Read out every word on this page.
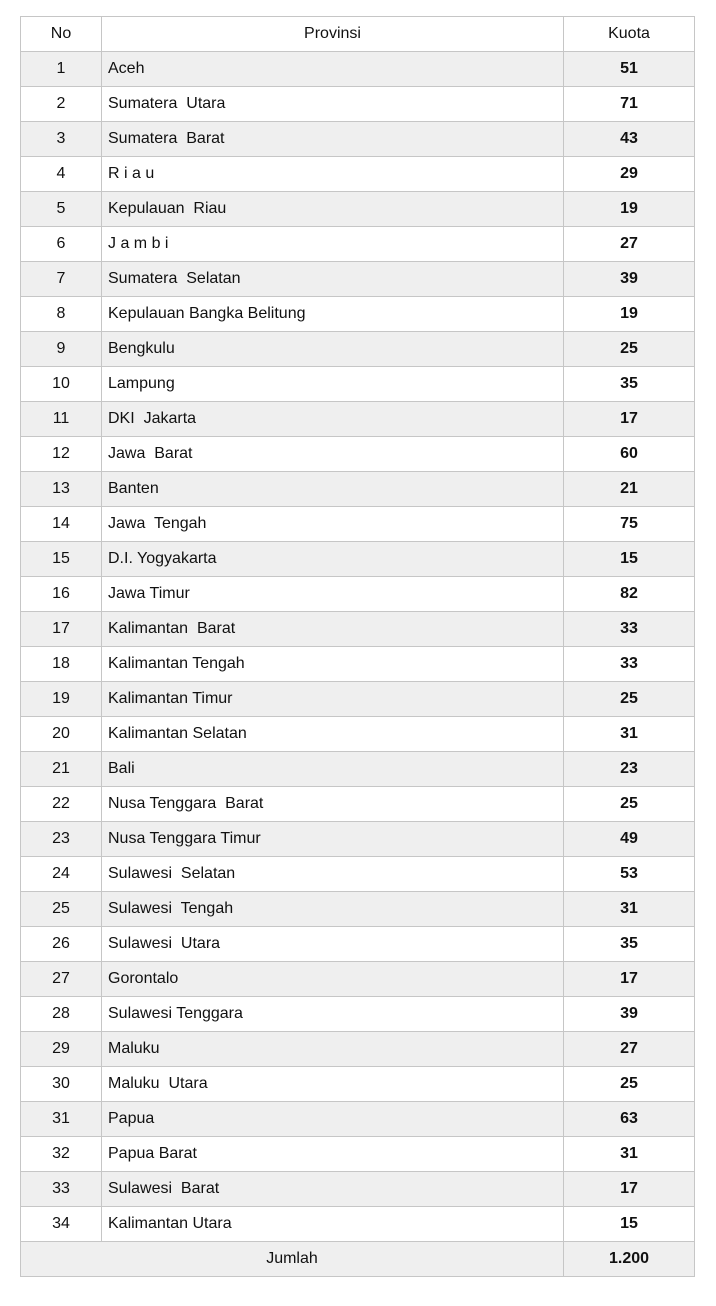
No	Provinsi	Kuota
1	Aceh	51
2	Sumatera  Utara	71
3	Sumatera  Barat	43
4	R i a u	29
5	Kepulauan  Riau	19
6	J a m b i	27
7	Sumatera  Selatan	39
8	Kepulauan Bangka Belitung	19
9	Bengkulu	25
10	Lampung	35
11	DKI  Jakarta	17
12	Jawa  Barat	60
13	Banten	21
14	Jawa  Tengah	75
15	D.I. Yogyakarta	15
16	Jawa Timur	82
17	Kalimantan  Barat	33
18	Kalimantan Tengah	33
19	Kalimantan Timur	25
20	Kalimantan Selatan	31
21	Bali	23
22	Nusa Tenggara  Barat	25
23	Nusa Tenggara Timur	49
24	Sulawesi  Selatan	53
25	Sulawesi  Tengah	31
26	Sulawesi  Utara	35
27	Gorontalo	17
28	Sulawesi Tenggara	39
29	Maluku	27
30	Maluku  Utara	25
31	Papua	63
32	Papua Barat	31
33	Sulawesi  Barat	17
34	Kalimantan Utara	15
Jumlah		1.200
